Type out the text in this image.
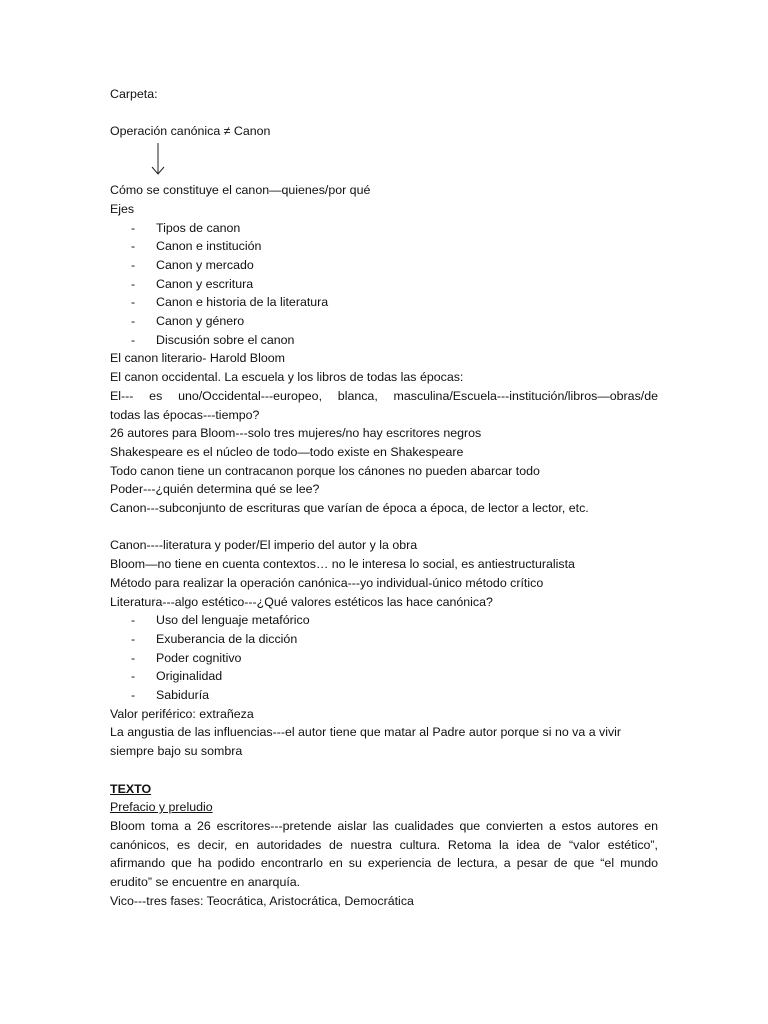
Carpeta:

Operación canónica ≠ Canon

Cómo se constituye el canon—quienes/por qué

Ejes

- Tipos de canon
- Canon e institución
- Canon y mercado
- Canon y escritura
- Canon e historia de la literatura
- Canon y género
- Discusión sobre el canon

El canon literario- Harold Bloom

El canon occidental. La escuela y los libros de todas las épocas:

El--- es uno/Occidental---europeo, blanca, masculina/Escuela---institución/libros—obras/de

todas las épocas---tiempo?

26 autores para Bloom---solo tres mujeres/no hay escritores negros

Shakespeare es el núcleo de todo—todo existe en Shakespeare

Todo canon tiene un contracanon porque los cánones no pueden abarcar todo

Poder---¿quién determina qué se lee?

Canon---subconjunto de escrituras que varían de época a época, de lector a lector, etc.

Canon----literatura y poder/El imperio del autor y la obra

Bloom—no tiene en cuenta contextos… no le interesa lo social, es antiestructuralista

Método para realizar la operación canónica---yo individual-único método crítico

Literatura---algo estético---¿Qué valores estéticos las hace canónica?

- Uso del lenguaje metafórico
- Exuberancia de la dicción
- Poder cognitivo
- Originalidad
- Sabiduría

Valor periférico: extrañeza

La angustia de las influencias---el autor tiene que matar al Padre autor porque si no va a vivir

siempre bajo su sombra

TEXTO

Prefacio y preludio

Bloom toma a 26 escritores---pretende aislar las cualidades que convierten a estos autores en

canónicos, es decir, en autoridades de nuestra cultura. Retoma la idea de “valor estético”,

afirmando que ha podido encontrarlo en su experiencia de lectura, a pesar de que “el mundo

erudito” se encuentre en anarquía.

Vico---tres fases: Teocrática, Aristocrática, Democrática
